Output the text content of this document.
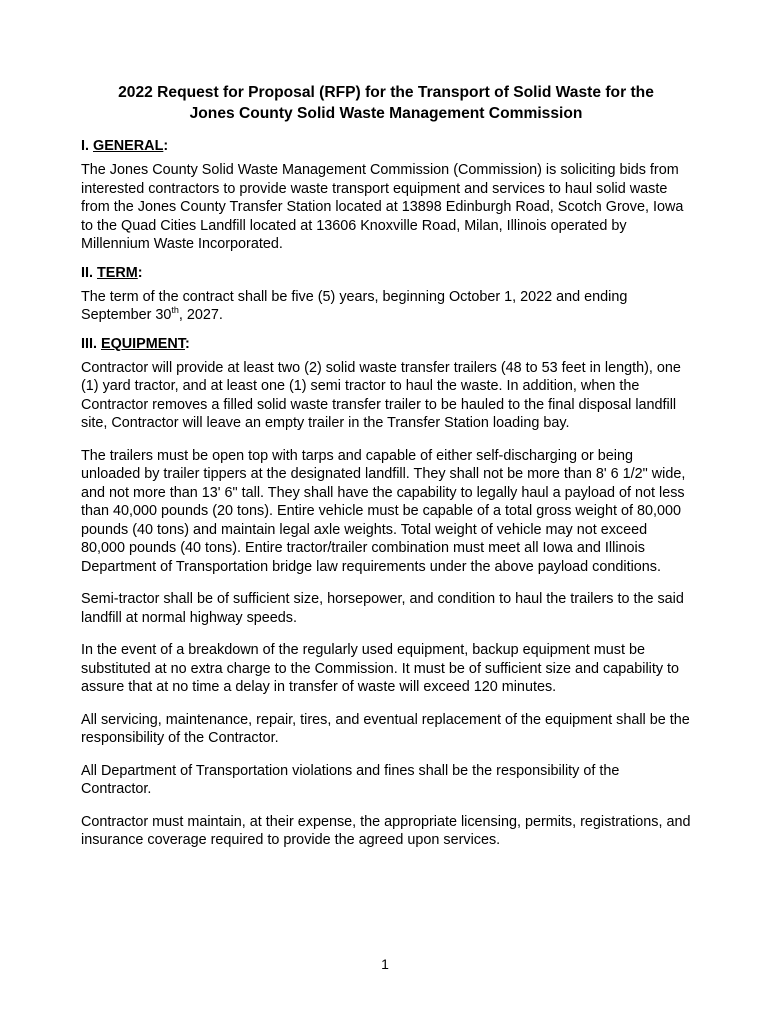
2022 Request for Proposal (RFP) for the Transport of Solid Waste for the
Jones County Solid Waste Management Commission
I. GENERAL:

The Jones County Solid Waste Management Commission (Commission) is soliciting bids from interested contractors to provide waste transport equipment and services to haul solid waste from the Jones County Transfer Station located at 13898 Edinburgh Road, Scotch Grove, Iowa to the Quad Cities Landfill located at 13606 Knoxville Road, Milan, Illinois operated by Millennium Waste Incorporated.

II. TERM:

The term of the contract shall be five (5) years, beginning October 1, 2022 and ending September 30th, 2027.

III. EQUIPMENT:

Contractor will provide at least two (2) solid waste transfer trailers (48 to 53 feet in length), one (1) yard tractor, and at least one (1) semi tractor to haul the waste. In addition, when the Contractor removes a filled solid waste transfer trailer to be hauled to the final disposal landfill site, Contractor will leave an empty trailer in the Transfer Station loading bay.

The trailers must be open top with tarps and capable of either self-discharging or being unloaded by trailer tippers at the designated landfill. They shall not be more than 8' 6 1/2" wide, and not more than 13' 6" tall. They shall have the capability to legally haul a payload of not less than 40,000 pounds (20 tons). Entire vehicle must be capable of a total gross weight of 80,000 pounds (40 tons) and maintain legal axle weights. Total weight of vehicle may not exceed 80,000 pounds (40 tons). Entire tractor/trailer combination must meet all Iowa and Illinois Department of Transportation bridge law requirements under the above payload conditions.

Semi-tractor shall be of sufficient size, horsepower, and condition to haul the trailers to the said landfill at normal highway speeds.

In the event of a breakdown of the regularly used equipment, backup equipment must be substituted at no extra charge to the Commission. It must be of sufficient size and capability to assure that at no time a delay in transfer of waste will exceed 120 minutes.

All servicing, maintenance, repair, tires, and eventual replacement of the equipment shall be the responsibility of the Contractor.

All Department of Transportation violations and fines shall be the responsibility of the Contractor.

Contractor must maintain, at their expense, the appropriate licensing, permits, registrations, and insurance coverage required to provide the agreed upon services.

1
